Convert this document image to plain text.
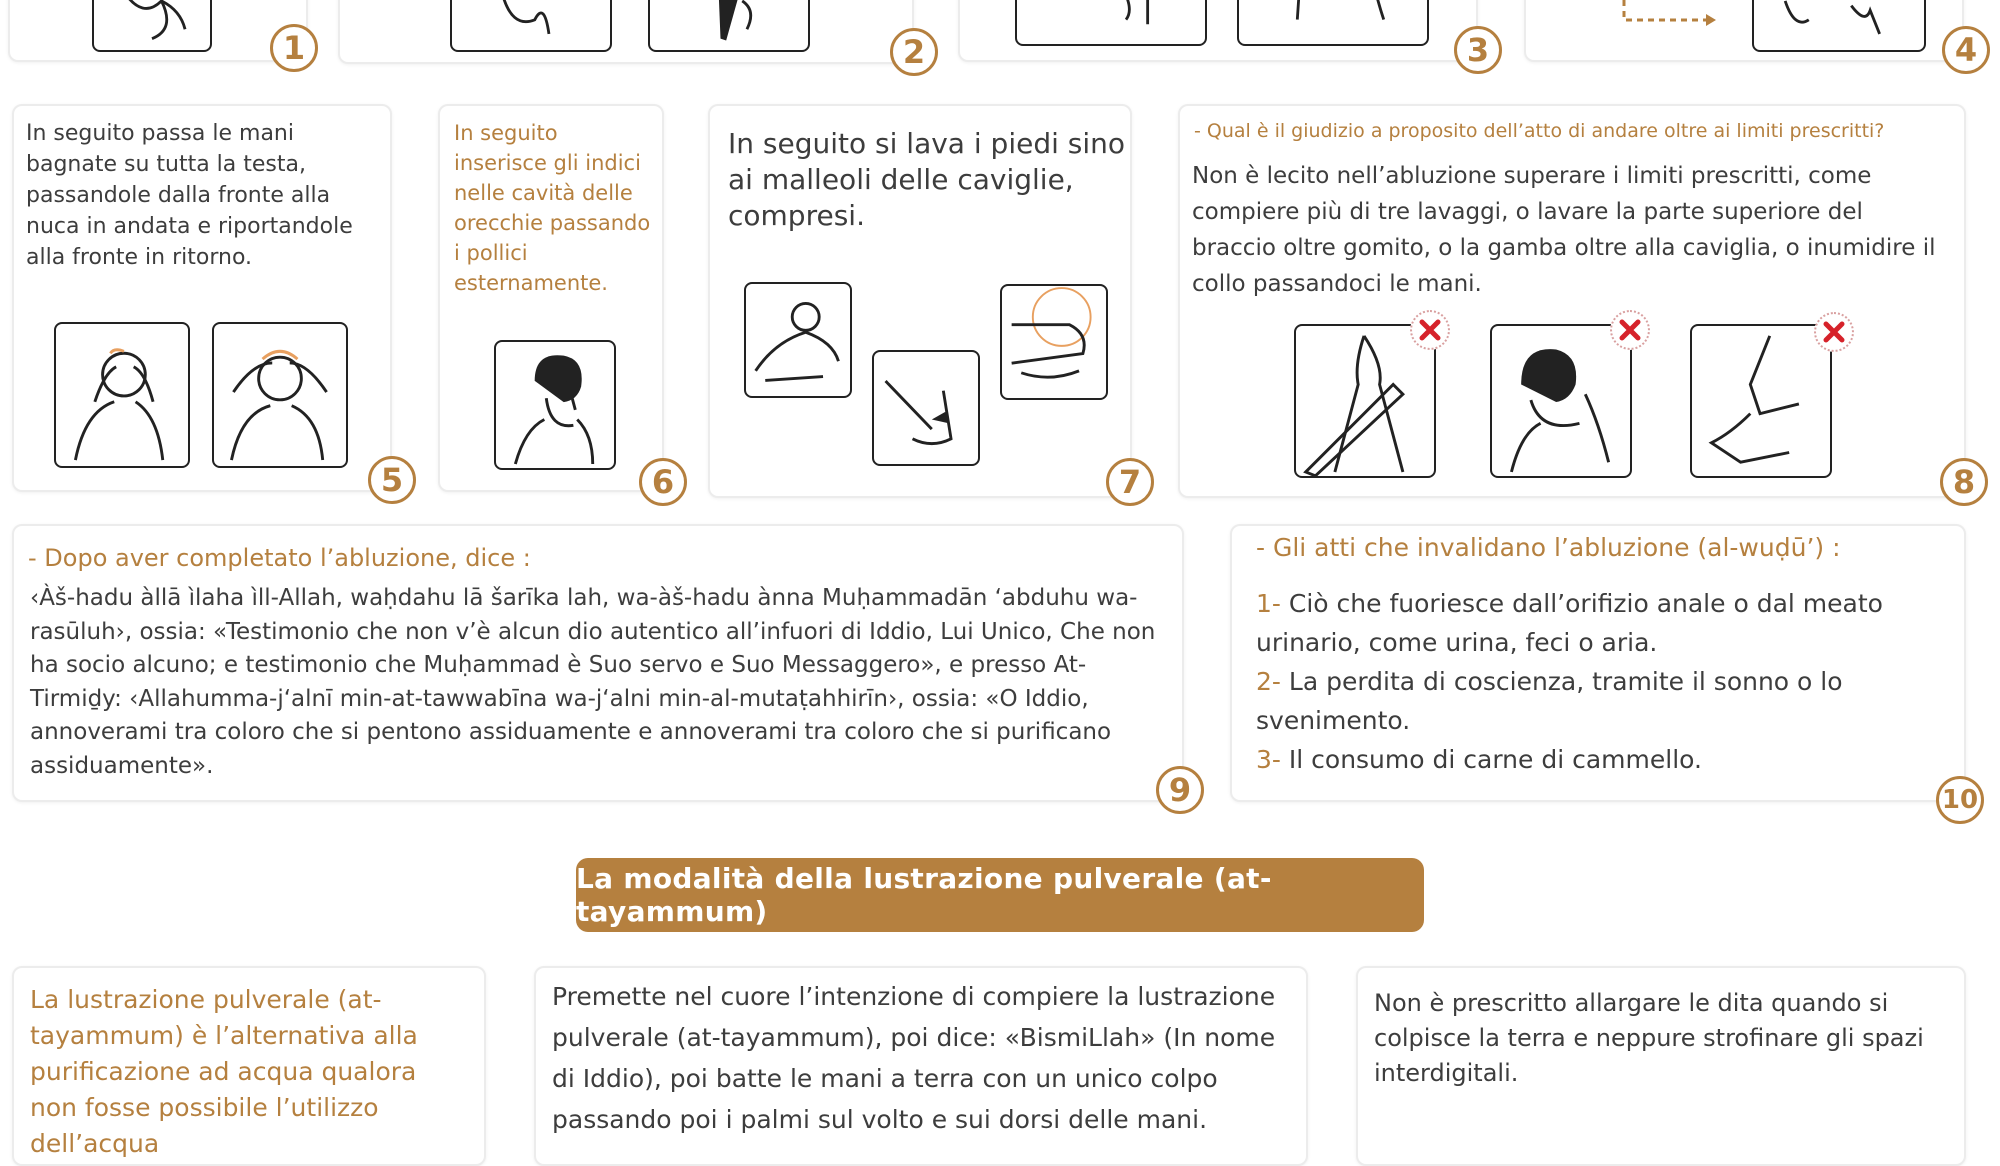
1	2	3	4
In seguito passa le mani bagnate su tutta la testa, passandole dalla fronte alla nuca in andata e riportandole alla fronte in ritorno.
5
In seguito inserisce gli indici nelle cavità delle orecchie passando i pollici esternamente.
6
In seguito si lava i piedi sino ai malleoli delle caviglie, compresi.
7
- Qual è il giudizio a proposito dell’atto di andare oltre ai limiti prescritti?
Non è lecito nell’abluzione superare i limiti prescritti, come compiere più di tre lavaggi, o lavare la parte superiore del braccio oltre gomito, o la gamba oltre alla caviglia, o inumidire il collo passandoci le mani.
8
- Dopo aver completato l’abluzione, dice :
‹Àš-hadu àllā ìlaha ìll-Allah, waḥdahu lā šarīka lah, wa-àš-hadu ànna Muḥammadān ‘abduhu wa-rasūluh›, ossia: «Testimonio che non v’è alcun dio autentico all’infuori di Iddio, Lui Unico, Che non ha socio alcuno; e testimonio che Muḥammad è Suo servo e Suo Messaggero», e presso At-Tirmiḏy: ‹Allahumma-j‘alnī min-at-tawwabīna wa-j‘alni min-al-mutaṭahhirīn›, ossia: «O Iddio, annoverami tra coloro che si pentono assiduamente e annoverami tra coloro che si purificano assiduamente».
9
- Gli atti che invalidano l’abluzione (al-wuḍū’) :
1- Ciò che fuoriesce dall’orifizio anale o dal meato urinario, come urina, feci o aria.
2- La perdita di coscienza, tramite il sonno o lo svenimento.
3- Il consumo di carne di cammello.
10
La modalità della lustrazione pulverale (at-tayammum)
La lustrazione pulverale (at-tayammum) è l’alternativa alla purificazione ad acqua qualora non fosse possibile l’utilizzo dell’acqua
Premette nel cuore l’intenzione di compiere la lustrazione pulverale (at-tayammum), poi dice: «BismiLlah» (In nome di Iddio), poi batte le mani a terra con un unico colpo passando poi i palmi sul volto e sui dorsi delle mani.
Non è prescritto allargare le dita quando si colpisce la terra e neppure strofinare gli spazi interdigitali.
